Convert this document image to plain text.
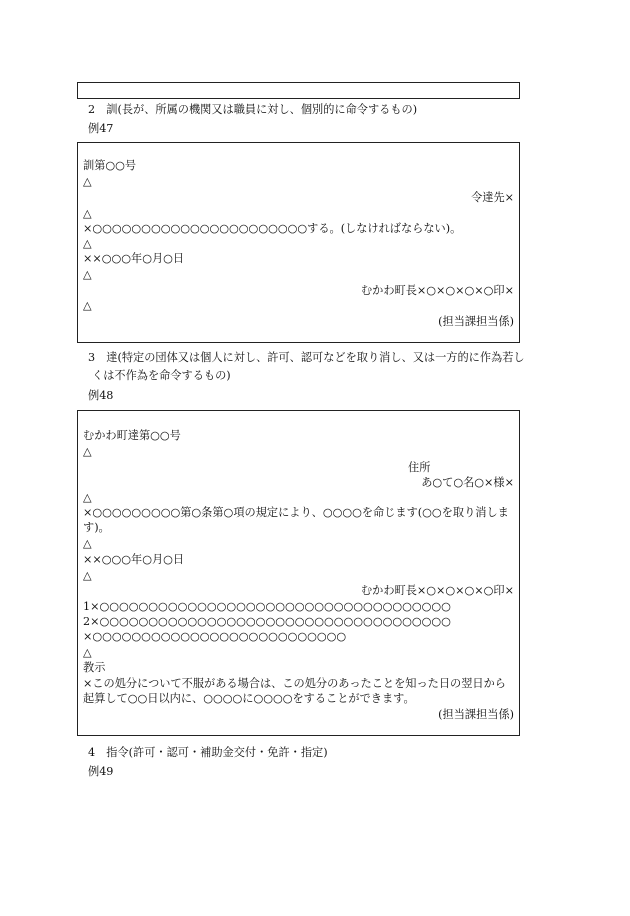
2　訓(長が、所属の機関又は職員に対し、個別的に命令するもの)
例47
訓第○○号
△
令達先×
△
×○○○○○○○○○○○○○○○○○○○○○○する。(しなければならない)。
△
××○○○年○月○日
△
むかわ町長×○×○×○×○印×
△
(担当課担当係)
3　達(特定の団体又は個人に対し、許可、認可などを取り消し、又は一方的に作為若し
くは不作為を命令するもの)
例48
むかわ町達第○○号
△
住所
あ○て○名○×様×
△
×○○○○○○○○○第○条第○項の規定により、○○○○を命じます(○○を取り消します)。
△
××○○○年○月○日
△
むかわ町長×○×○×○×○印×
1×○○○○○○○○○○○○○○○○○○○○○○○○○○○○○○○○○○○○
2×○○○○○○○○○○○○○○○○○○○○○○○○○○○○○○○○○○○○
×○○○○○○○○○○○○○○○○○○○○○○○○○○
△
教示
×この処分について不服がある場合は、この処分のあったことを知った日の翌日から起算して○○日以内に、○○○○に○○○○をすることができます。
(担当課担当係)
4　指令(許可・認可・補助金交付・免許・指定)
例49
